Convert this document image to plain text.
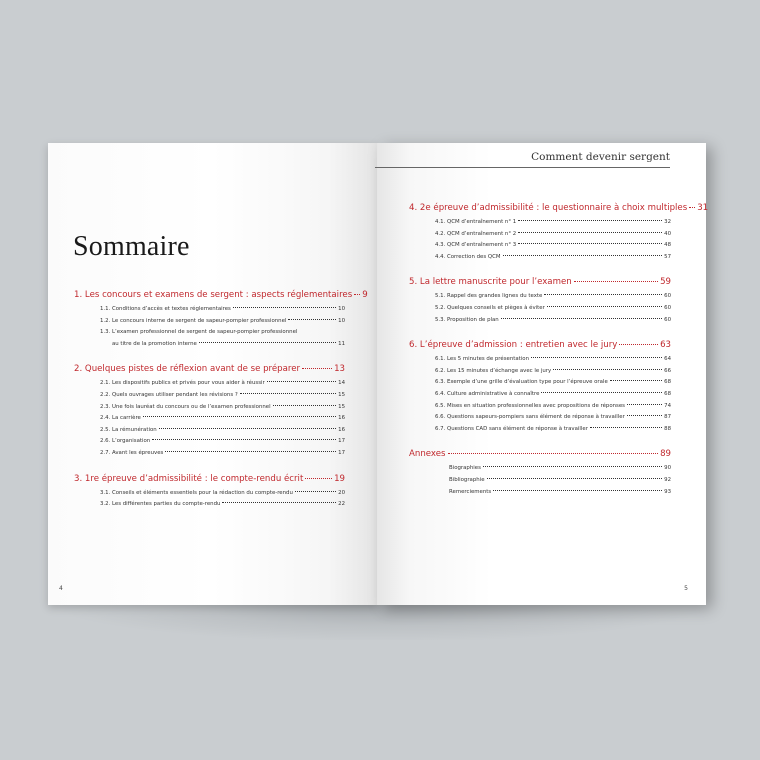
Sommaire
1. Les concours et examens de sergent : aspects réglementaires 9
1.1. Conditions d’accès et textes réglementaires	10
1.2. Le concours interne de sergent de sapeur-pompier professionnel	10
1.3. L’examen professionnel de sergent de sapeur-pompier professionnel
au titre de la promotion interne	11
2. Quelques pistes de réflexion avant de se préparer	13
2.1. Les dispositifs publics et privés pour vous aider à réussir	14
2.2. Quels ouvrages utiliser pendant les révisions ?	15
2.3. Une fois lauréat du concours ou de l’examen professionnel	15
2.4. La carrière	16
2.5. La rémunération	16
2.6. L’organisation	17
2.7. Avant les épreuves	17
3. 1re épreuve d’admissibilité : le compte-rendu écrit	19
3.1. Conseils et éléments essentiels pour la rédaction du compte-rendu	20
3.2. Les différentes parties du compte-rendu	22
4
Comment devenir sergent
4. 2e épreuve d’admissibilité : le questionnaire à choix multiples 31
4.1. QCM d’entraînement n° 1	32
4.2. QCM d’entraînement n° 2	40
4.3. QCM d’entraînement n° 3	48
4.4. Correction des QCM	57
5. La lettre manuscrite pour l’examen	59
5.1. Rappel des grandes lignes du texte	60
5.2. Quelques conseils et pièges à éviter	60
5.3. Proposition de plan	60
6. L’épreuve d’admission : entretien avec le jury	63
6.1. Les 5 minutes de présentation	64
6.2. Les 15 minutes d’échange avec le jury	66
6.3. Exemple d’une grille d’évaluation type pour l’épreuve orale	68
6.4. Culture administrative à connaître	68
6.5. Mises en situation professionnelles avec propositions de réponses	74
6.6. Questions sapeurs-pompiers sans élément de réponse à travailler	87
6.7. Questions CAD sans élément de réponse à travailler	88
Annexes	89
Biographies	90
Bibliographie	92
Remerciements	93
5
